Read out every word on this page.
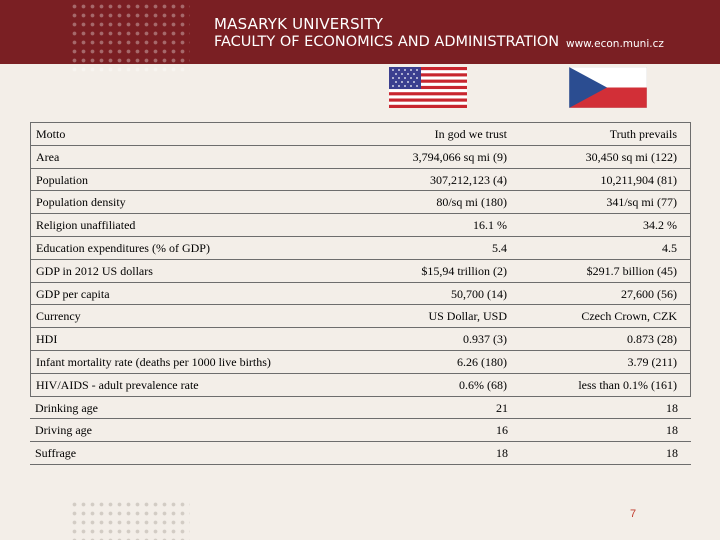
MASARYK UNIVERSITY
FACULTY OF ECONOMICS AND ADMINISTRATION www.econ.muni.cz
Motto	In god we trust	Truth prevails
Area	3,794,066 sq mi (9)	30,450 sq mi (122)
Population	307,212,123 (4)	10,211,904 (81)
Population density	80/sq mi (180)	341/sq mi (77)
Religion unaffiliated	16.1 %	34.2 %
Education expenditures (% of GDP)	5.4	4.5
GDP in 2012 US dollars	$15,94 trillion (2)	$291.7 billion (45)
GDP per capita	50,700 (14)	27,600 (56)
Currency	US Dollar, USD	Czech Crown, CZK
HDI	0.937 (3)	0.873 (28)
Infant mortality rate (deaths per 1000 live births)	6.26 (180)	3.79 (211)
HIV/AIDS - adult prevalence rate	0.6% (68)	less than 0.1% (161)
Drinking age	21	18
Driving age	16	18
Suffrage	18	18
7
